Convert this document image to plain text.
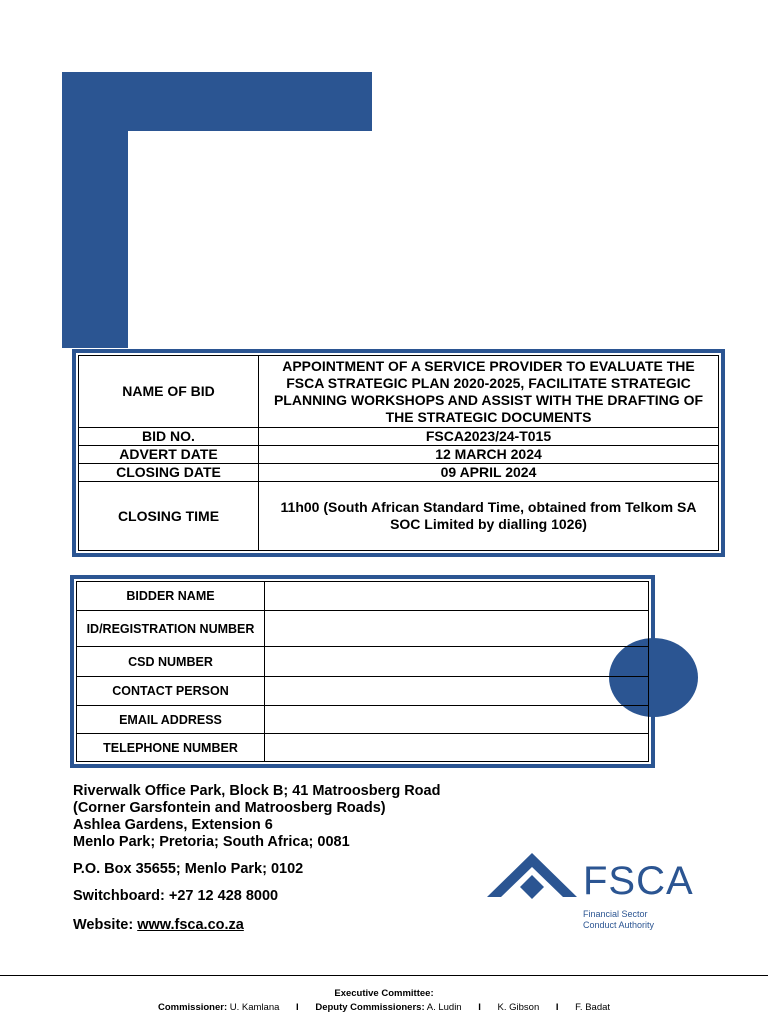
NAME OF BID	APPOINTMENT OF A SERVICE PROVIDER TO EVALUATE THE FSCA STRATEGIC PLAN 2020-2025, FACILITATE STRATEGIC PLANNING WORKSHOPS AND ASSIST WITH THE DRAFTING OF THE STRATEGIC DOCUMENTS
BID NO.	FSCA2023/24-T015
ADVERT DATE	12 MARCH 2024
CLOSING DATE	09 APRIL 2024
CLOSING TIME	11h00 (South African Standard Time, obtained from Telkom SA SOC Limited by dialling 1026)
BIDDER NAME	
ID/REGISTRATION NUMBER	
CSD NUMBER	
CONTACT PERSON	
EMAIL ADDRESS	
TELEPHONE NUMBER	
Riverwalk Office Park, Block B; 41 Matroosberg Road
(Corner Garsfontein and Matroosberg Roads)
Ashlea Gardens, Extension 6
Menlo Park; Pretoria; South Africa; 0081
P.O. Box 35655; Menlo Park; 0102
Switchboard: +27 12 428 8000
Website: www.fsca.co.za
FSCA
Financial Sector
Conduct Authority
Executive Committee:
Commissioner: U. Kamlana I Deputy Commissioners: A. Ludin I K. Gibson I F. Badat
